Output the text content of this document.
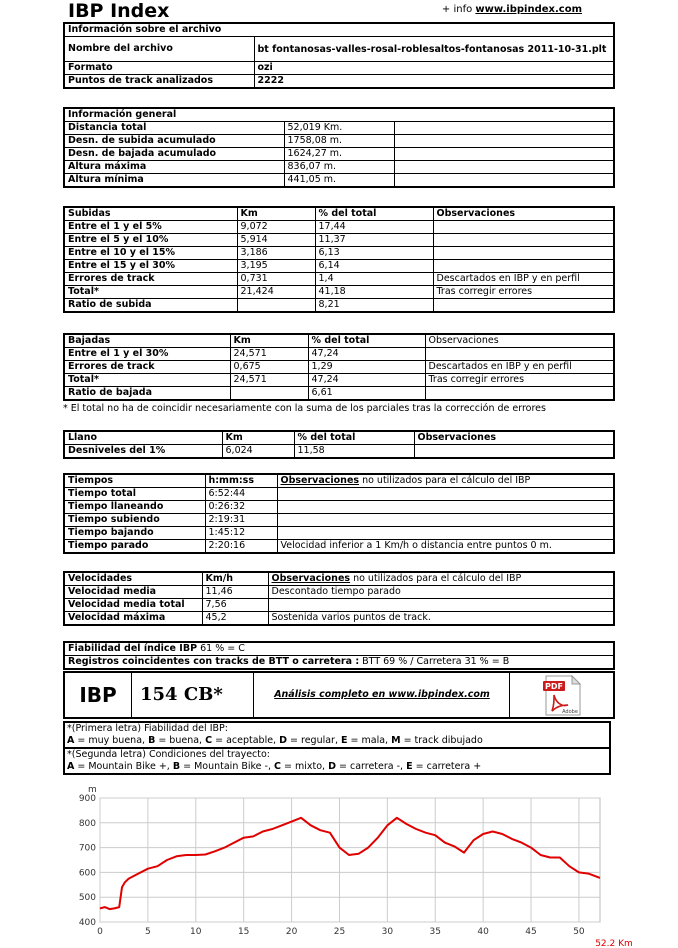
IBP Index	+ info www.ibpindex.com
Información sobre el archivo	
Nombre del archivo	bt fontanosas-valles-rosal-roblesaltos-fontanosas 2011-10-31.plt
Formato	ozi
Puntos de track analizados	2222
Información general		
Distancia total	52,019 Km.	
Desn. de subida acumulado	1758,08 m.	
Desn. de bajada acumulado	1624,27 m.	
Altura máxima	836,07 m.	
Altura mínima	441,05 m.	
Subidas	Km	% del total	Observaciones
Entre el 1 y el 5%	9,072	17,44	
Entre el 5 y el 10%	5,914	11,37	
Entre el 10 y el 15%	3,186	6,13	
Entre el 15 y el 30%	3,195	6,14	
Errores de track	0,731	1,4	Descartados en IBP y en perfil
Total*	21,424	41,18	Tras corregir errores
Ratio de subida		8,21	
Bajadas	Km	% del total	Observaciones
Entre el 1 y el 30%	24,571	47,24	
Errores de track	0,675	1,29	Descartados en IBP y en perfil
Total*	24,571	47,24	Tras corregir errores
Ratio de bajada		6,61	
* El total no ha de coincidir necesariamente con la suma de los parciales tras la corrección de errores
Llano	Km	% del total	Observaciones
Desniveles del 1%	6,024	11,58	
Tiempos	h:mm:ss	Observaciones no utilizados para el cálculo del IBP
Tiempo total	6:52:44	
Tiempo llaneando	0:26:32	
Tiempo subiendo	2:19:31	
Tiempo bajando	1:45:12	
Tiempo parado	2:20:16	Velocidad inferior a 1 Km/h o distancia entre puntos 0 m.
Velocidades	Km/h	Observaciones no utilizados para el cálculo del IBP
Velocidad media	11,46	Descontado tiempo parado
Velocidad media total	7,56	
Velocidad máxima	45,2	Sostenida varios puntos de track.
Fiabilidad del índice IBP 61 % = C
Registros coincidentes con tracks de BTT o carretera : BTT 69 % / Carretera 31 % = B
IBP	154 CB*	Análisis completo en www.ibpindex.com
PDF
Adobe
*(Primera letra) Fiabilidad del IBP:
A = muy buena, B = buena, C = aceptable, D = regular, E = mala, M = track dibujado
*(Segunda letra) Condiciones del trayecto:
A = Mountain Bike +, B = Mountain Bike -, C = mixto, D = carretera -, E = carretera +
0	5	10	15	20	25	30	35	40	45	50
400
500
600
700
800
900
m
52.2 Km
